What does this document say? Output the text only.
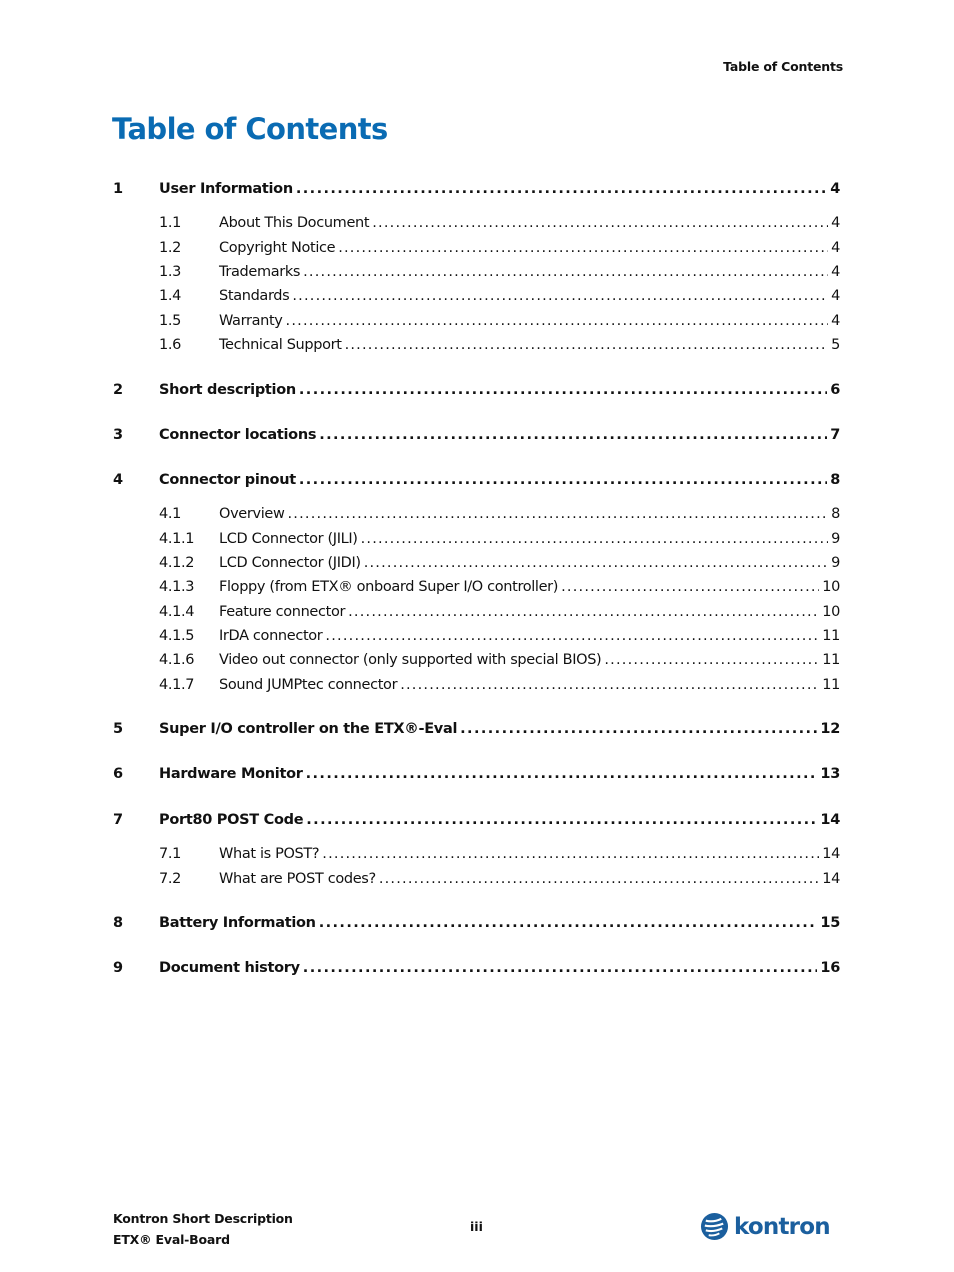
Table of Contents
Table of Contents
1	User Information .....	4
1.1	About This Document .....	4
1.2	Copyright Notice .....	4
1.3	Trademarks .....	4
1.4	Standards .....	4
1.5	Warranty .....	4
1.6	Technical Support .....	5
2	Short description .....	6
3	Connector locations .....	7
4	Connector pinout .....	8
4.1	Overview .....	8
4.1.1	LCD Connector (JILI) .....	9
4.1.2	LCD Connector (JIDI) .....	9
4.1.3	Floppy (from ETX® onboard Super I/O controller) .....	10
4.1.4	Feature connector .....	10
4.1.5	IrDA connector .....	11
4.1.6	Video out connector (only supported with special BIOS) .....	11
4.1.7	Sound JUMPtec connector .....	11
5	Super I/O controller on the ETX®-Eval .....	12
6	Hardware Monitor .....	13
7	Port80 POST Code .....	14
7.1	What is POST? .....	14
7.2	What are POST codes? .....	14
8	Battery Information .....	15
9	Document history .....	16
Kontron Short Description
ETX® Eval-Board
iii	kontron
